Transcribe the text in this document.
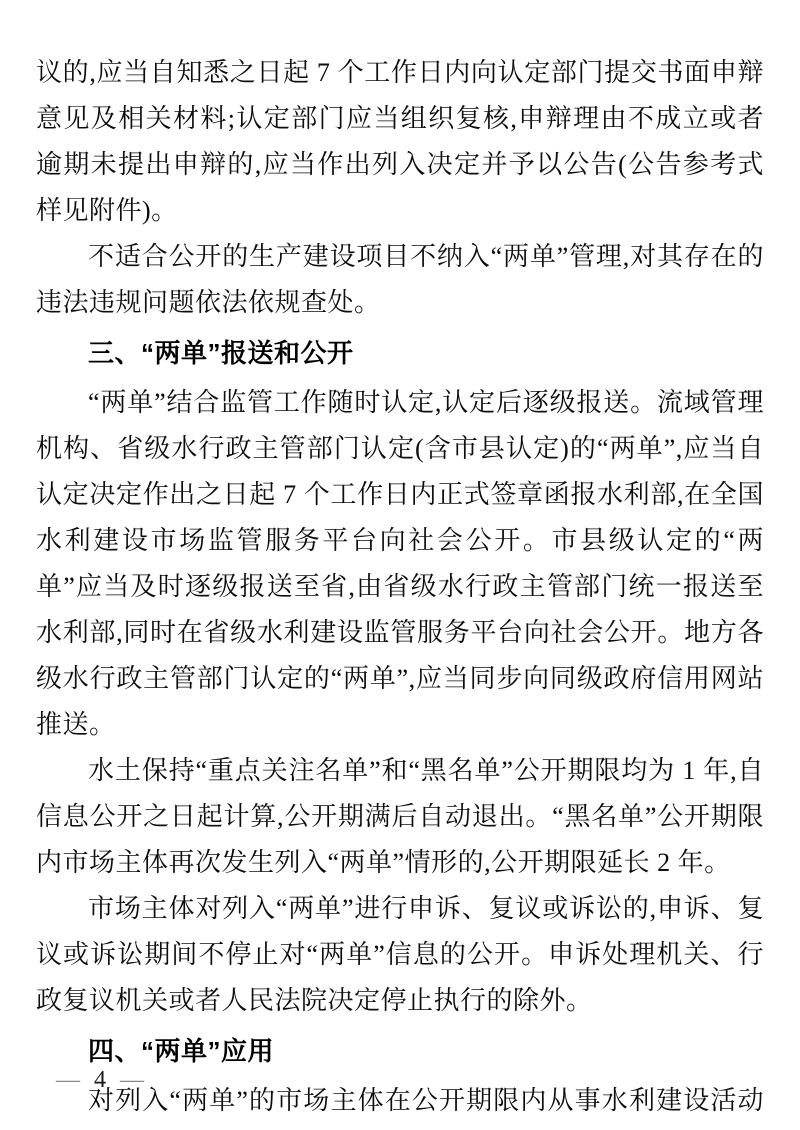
议的,应当自知悉之日起 7 个工作日内向认定部门提交书面申辩意见及相关材料;认定部门应当组织复核,申辩理由不成立或者逾期未提出申辩的,应当作出列入决定并予以公告(公告参考式样见附件)。

不适合公开的生产建设项目不纳入“两单”管理,对其存在的违法违规问题依法依规查处。

三、“两单”报送和公开

“两单”结合监管工作随时认定,认定后逐级报送。流域管理机构、省级水行政主管部门认定(含市县认定)的“两单”,应当自认定决定作出之日起 7 个工作日内正式签章函报水利部,在全国水利建设市场监管服务平台向社会公开。市县级认定的“两单”应当及时逐级报送至省,由省级水行政主管部门统一报送至水利部,同时在省级水利建设监管服务平台向社会公开。地方各级水行政主管部门认定的“两单”,应当同步向同级政府信用网站推送。

水土保持“重点关注名单”和“黑名单”公开期限均为 1 年,自信息公开之日起计算,公开期满后自动退出。“黑名单”公开期限内市场主体再次发生列入“两单”情形的,公开期限延长 2 年。

市场主体对列入“两单”进行申诉、复议或诉讼的,申诉、复议或诉讼期间不停止对“两单”信息的公开。申诉处理机关、行政复议机关或者人民法院决定停止执行的除外。

四、“两单”应用

对列入“两单”的市场主体在公开期限内从事水利建设活动

— 4 —
